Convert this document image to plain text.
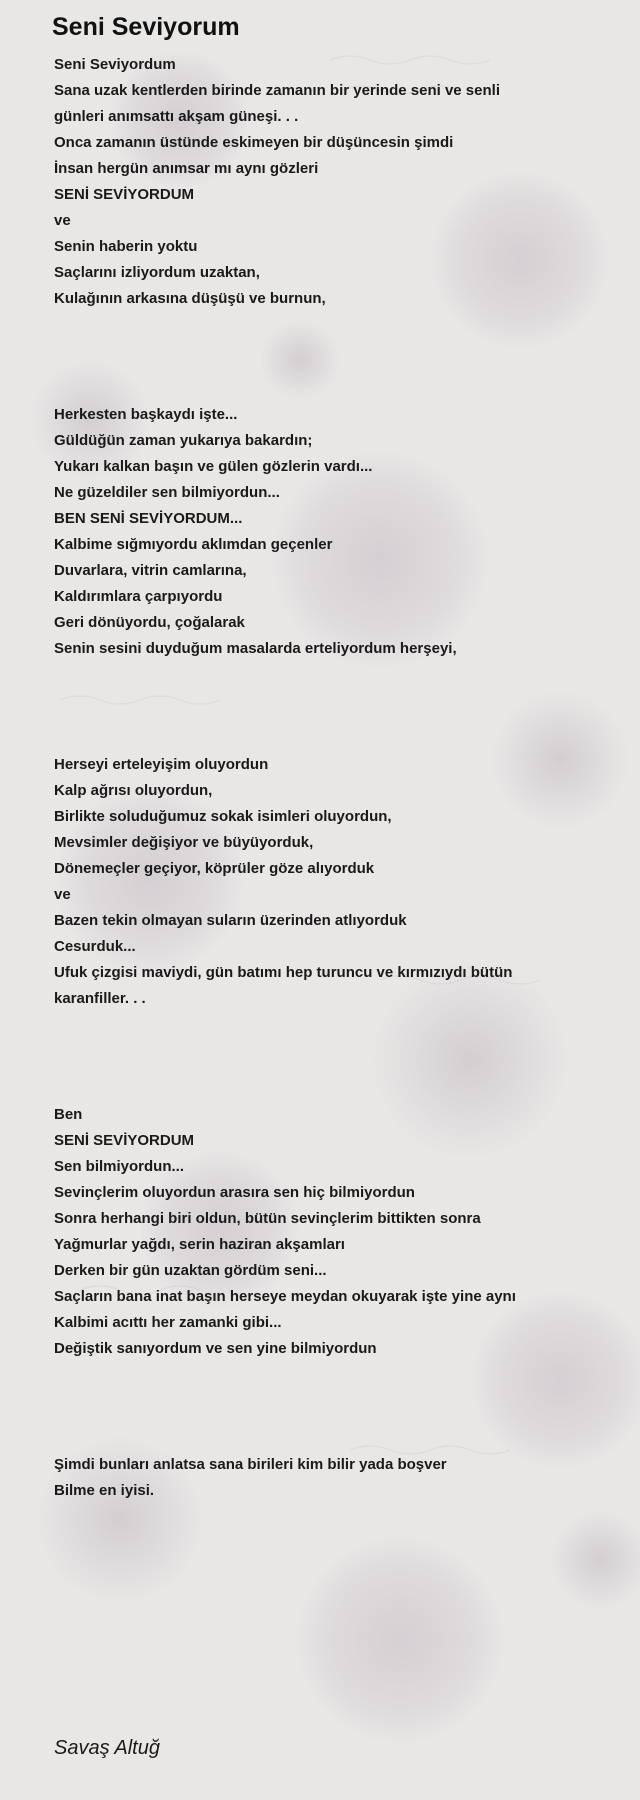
Seni Seviyorum
Seni Seviyordum
Sana uzak kentlerden birinde zamanın bir yerinde seni ve senli
günleri anımsattı akşam güneşi. . .
Onca zamanın üstünde eskimeyen bir düşüncesin şimdi
İnsan hergün anımsar mı aynı gözleri
SENİ SEVİYORDUM
ve
Senin haberin yoktu
Saçlarını izliyordum uzaktan,
Kulağının arkasına düşüşü ve burnun,
Herkesten başkaydı işte...
Güldüğün zaman yukarıya bakardın;
Yukarı kalkan başın ve gülen gözlerin vardı...
Ne güzeldiler sen bilmiyordun...
BEN SENİ SEVİYORDUM...
Kalbime sığmıyordu aklımdan geçenler
Duvarlara, vitrin camlarına,
Kaldırımlara çarpıyordu
Geri dönüyordu, çoğalarak
Senin sesini duyduğum masalarda erteliyordum herşeyi,
Herseyi erteleyişim oluyordun
Kalp ağrısı oluyordun,
Birlikte soluduğumuz sokak isimleri oluyordun,
Mevsimler değişiyor ve büyüyorduk,
Dönemeçler geçiyor, köprüler göze alıyorduk
ve
Bazen tekin olmayan suların üzerinden atlıyorduk
Cesurduk...
Ufuk çizgisi maviydi, gün batımı hep turuncu ve kırmızıydı bütün
karanfiller. . .
Ben
SENİ SEVİYORDUM
Sen bilmiyordun...
Sevinçlerim oluyordun arasıra sen hiç bilmiyordun
Sonra herhangi biri oldun, bütün sevinçlerim bittikten sonra
Yağmurlar yağdı, serin haziran akşamları
Derken bir gün uzaktan gördüm seni...
Saçların bana inat başın herseye meydan okuyarak işte yine aynı
Kalbimi acıttı her zamanki gibi...
Değiştik sanıyordum ve sen yine bilmiyordun
Şimdi bunları anlatsa sana birileri kim bilir yada boşver
Bilme en iyisi.
Savaş Altuğ
